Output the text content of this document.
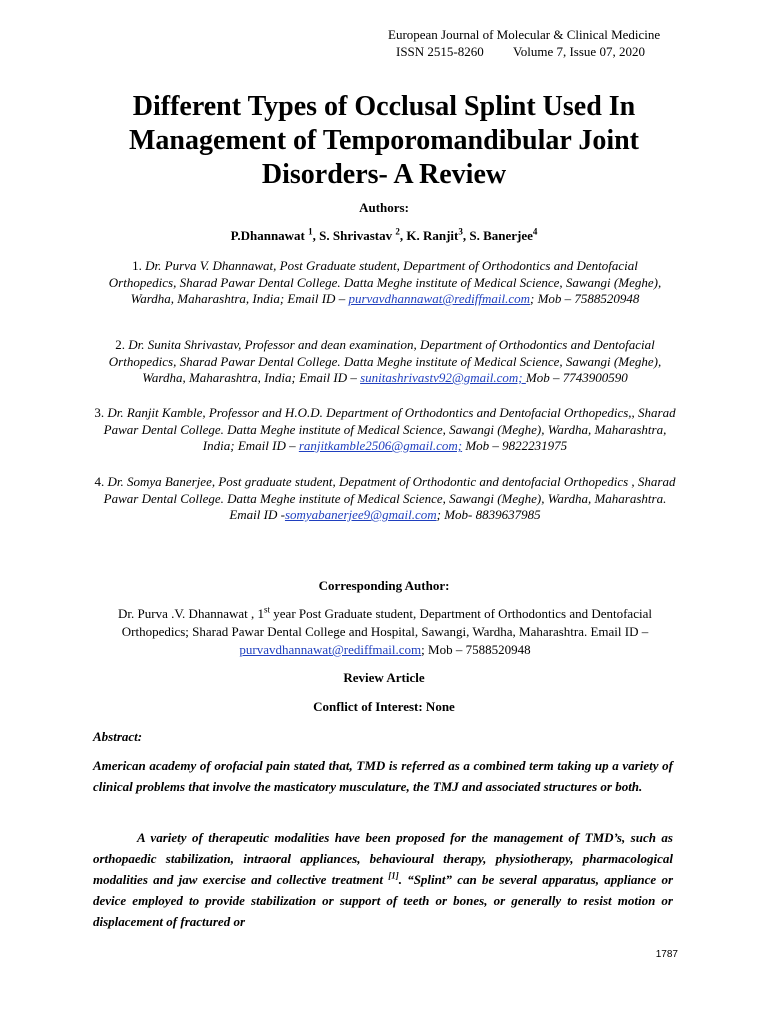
European Journal of Molecular & Clinical Medicine
ISSN 2515-8260 Volume 7, Issue 07, 2020
Different Types of Occlusal Splint Used In Management of Temporomandibular Joint Disorders- A Review
Authors:
P.Dhannawat $^1$, S. Shrivastav $^2$, K. Ranjit$^3$, S. Banerjee$^4$
1. Dr. Purva V. Dhannawat, Post Graduate student, Department of Orthodontics and Dentofacial Orthopedics, Sharad Pawar Dental College. Datta Meghe institute of Medical Science, Sawangi (Meghe), Wardha, Maharashtra, India; Email ID – purvavdhannawat@rediffmail.com; Mob – 7588520948
2. Dr. Sunita Shrivastav, Professor and dean examination, Department of Orthodontics and Dentofacial Orthopedics, Sharad Pawar Dental College. Datta Meghe institute of Medical Science, Sawangi (Meghe), Wardha, Maharashtra, India; Email ID – sunitashrivastv92@gmail.com; Mob – 7743900590
3. Dr. Ranjit Kamble, Professor and H.O.D. Department of Orthodontics and Dentofacial Orthopedics,, Sharad Pawar Dental College. Datta Meghe institute of Medical Science, Sawangi (Meghe), Wardha, Maharashtra, India; Email ID – ranjitkamble2506@gmail.com; Mob – 9822231975
4. Dr. Somya Banerjee, Post graduate student, Depatment of Orthodontic and dentofacial Orthopedics , Sharad Pawar Dental College. Datta Meghe institute of Medical Science, Sawangi (Meghe), Wardha, Maharashtra. Email ID -somyabanerjee9@gmail.com; Mob- 8839637985
Corresponding Author:
Dr. Purva .V. Dhannawat , 1st year Post Graduate student, Department of Orthodontics and Dentofacial Orthopedics; Sharad Pawar Dental College and Hospital, Sawangi, Wardha, Maharashtra. Email ID – purvavdhannawat@rediffmail.com; Mob – 7588520948
Review Article
Conflict of Interest: None
Abstract:
American academy of orofacial pain stated that, TMD is referred as a combined term taking up a variety of clinical problems that involve the masticatory musculature, the TMJ and associated structures or both.
A variety of therapeutic modalities have been proposed for the management of TMD’s, such as orthopaedic stabilization, intraoral appliances, behavioural therapy, physiotherapy, pharmacological modalities and jaw exercise and collective treatment [1]. “Splint” can be several apparatus, appliance or device employed to provide stabilization or support of teeth or bones, or generally to resist motion or displacement of fractured or
1787
